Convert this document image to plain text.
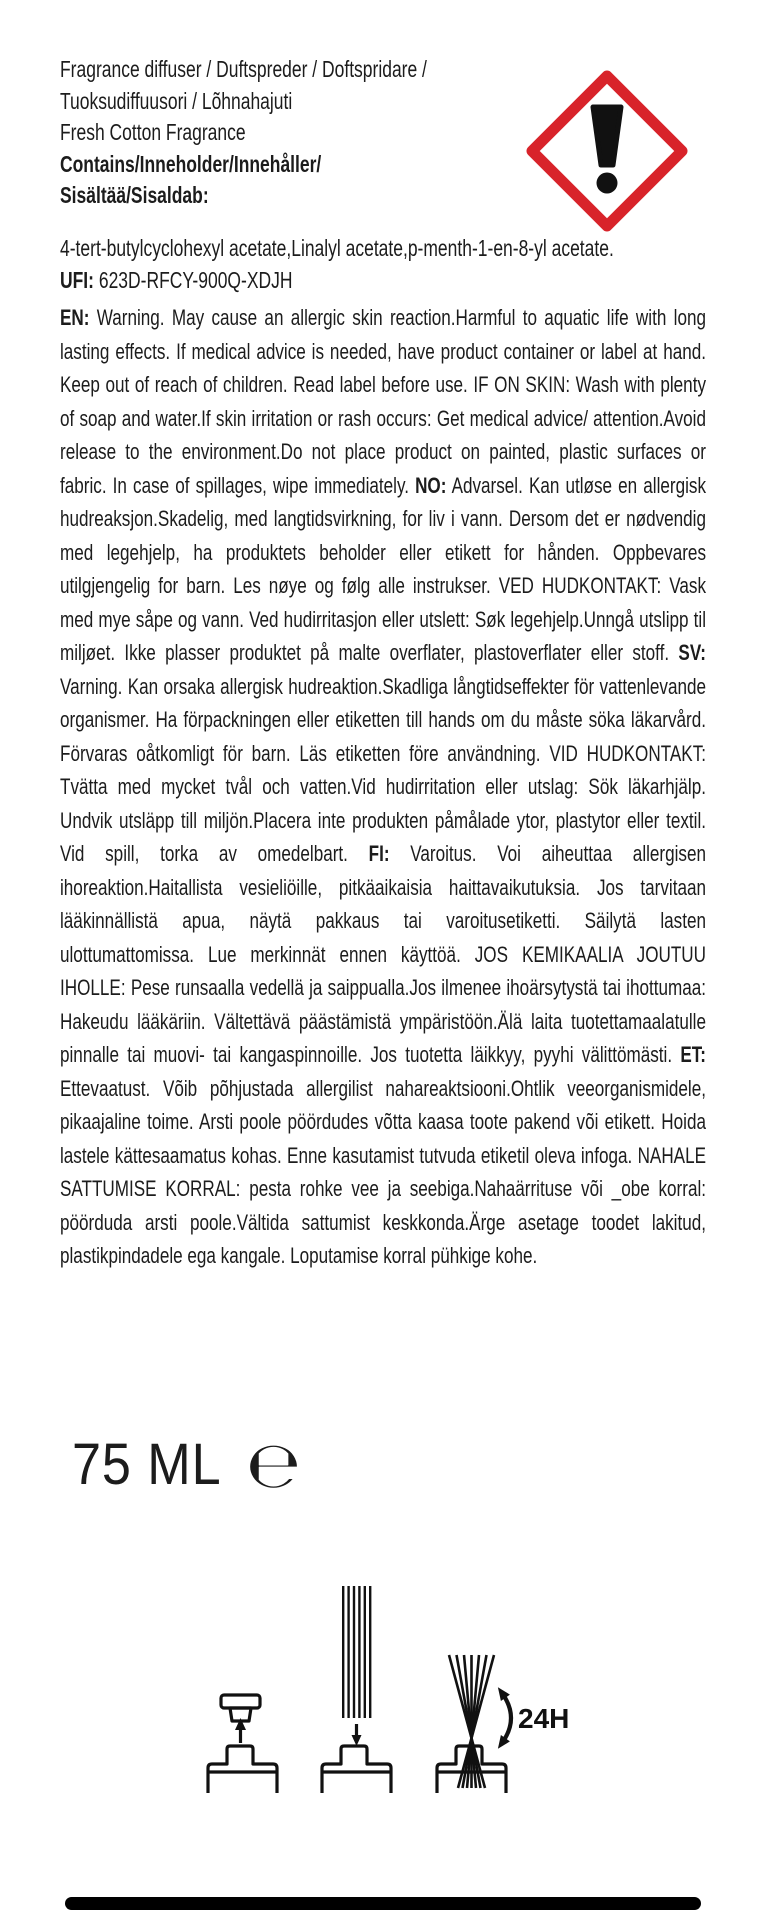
Fragrance diffuser / Duftspreder / Doftspridare /
Tuoksudiffuusori / Lõhnahajuti
Fresh Cotton Fragrance
Contains/Inneholder/Innehåller/
Sisältää/Sisaldab:
4-tert-butylcyclohexyl acetate,Linalyl acetate,p-menth-1-en-8-yl acetate.
UFI: 623D-RFCY-900Q-XDJH
EN: Warning. May cause an allergic skin reaction.Harmful to aquatic life with long lasting effects. If medical advice is needed, have product container or label at hand. Keep out of reach of children. Read label before use. IF ON SKIN: Wash with plenty of soap and water.If skin irritation or rash occurs: Get medical advice/ attention.Avoid release to the environment.Do not place product on painted, plastic surfaces or fabric. In case of spillages, wipe immediately. NO: Advarsel. Kan utløse en allergisk hudreaksjon.Skadelig, med langtidsvirkning, for liv i vann. Dersom det er nødvendig med legehjelp, ha produktets beholder eller etikett for hånden. Oppbevares utilgjengelig for barn. Les nøye og følg alle instrukser. VED HUDKONTAKT: Vask med mye såpe og vann. Ved hudirritasjon eller utslett: Søk legehjelp.Unngå utslipp til miljøet. Ikke plasser produktet på malte overflater, plastoverflater eller stoff. SV: Varning. Kan orsaka allergisk hudreaktion.Skadliga långtidseffekter för vattenlevande organismer. Ha förpackningen eller etiketten till hands om du måste söka läkarvård. Förvaras oåtkomligt för barn. Läs etiketten före användning. VID HUDKONTAKT: Tvätta med mycket tvål och vatten.Vid hudirritation eller utslag: Sök läkarhjälp. Undvik utsläpp till miljön.Placera inte produkten påmålade ytor, plastytor eller textil. Vid spill, torka av omedelbart. FI: Varoitus. Voi aiheuttaa allergisen ihoreaktion.Haitallista vesieliöille, pitkäaikaisia haittavaikutuksia. Jos tarvitaan lääkinnällistä apua, näytä pakkaus tai varoitusetiketti. Säilytä lasten ulottumattomissa. Lue merkinnät ennen käyttöä. JOS KEMIKAALIA JOUTUU IHOLLE: Pese runsaalla vedellä ja saippualla.Jos ilmenee ihoärsytystä tai ihottumaa: Hakeudu lääkäriin. Vältettävä päästämistä ympäristöön.Älä laita tuotettamaalatulle pinnalle tai muovi- tai kangaspinnoille. Jos tuotetta läikkyy, pyyhi välittömästi. ET: Ettevaatust. Võib põhjustada allergilist nahareaktsiooni.Ohtlik veeorganismidele, pikaajaline toime. Arsti poole pöördudes võtta kaasa toote pakend või etikett. Hoida lastele kättesaamatus kohas. Enne kasutamist tutvuda etiketil oleva infoga. NAHALE SATTUMISE KORRAL: pesta rohke vee ja seebiga.Nahaärrituse või _obe korral: pöörduda arsti poole.Vältida sattumist keskkonda.Ärge asetage toodet lakitud, plastikpindadele ega kangale. Loputamise korral pühkige kohe.
75 ML ℮
24H
